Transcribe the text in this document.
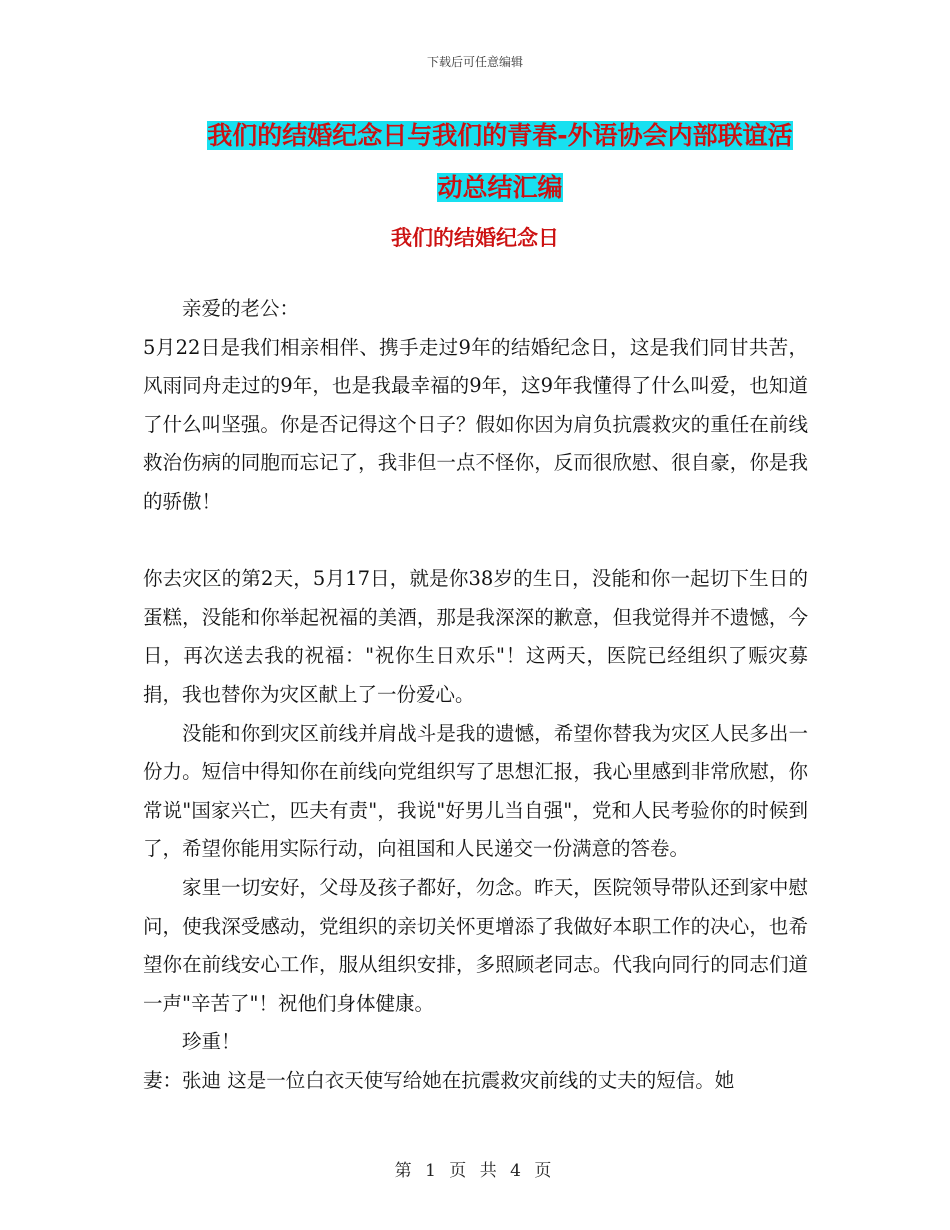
下载后可任意编辑
我们的结婚纪念日与我们的青春-外语协会内部联谊活
动总结汇编
我们的结婚纪念日

亲爱的老公：

5月22日是我们相亲相伴、携手走过9年的结婚纪念日，这是我们同甘共苦，风雨同舟走过的9年，也是我最幸福的9年，这9年我懂得了什么叫爱，也知道了什么叫坚强。你是否记得这个日子？假如你因为肩负抗震救灾的重任在前线救治伤病的同胞而忘记了，我非但一点不怪你，反而很欣慰、很自豪，你是我的骄傲！

你去灾区的第2天，5月17日，就是你38岁的生日，没能和你一起切下生日的蛋糕，没能和你举起祝福的美酒，那是我深深的歉意，但我觉得并不遗憾，今日，再次送去我的祝福："祝你生日欢乐"！这两天，医院已经组织了赈灾募捐，我也替你为灾区献上了一份爱心。

没能和你到灾区前线并肩战斗是我的遗憾，希望你替我为灾区人民多出一份力。短信中得知你在前线向党组织写了思想汇报，我心里感到非常欣慰，你常说"国家兴亡，匹夫有责"，我说"好男儿当自强"，党和人民考验你的时候到了，希望你能用实际行动，向祖国和人民递交一份满意的答卷。

家里一切安好，父母及孩子都好，勿念。昨天，医院领导带队还到家中慰问，使我深受感动，党组织的亲切关怀更增添了我做好本职工作的决心，也希望你在前线安心工作，服从组织安排，多照顾老同志。代我向同行的同志们道一声"辛苦了"！祝他们身体健康。

珍重！

妻：张迪 这是一位白衣天使写给她在抗震救灾前线的丈夫的短信。她

第 1 页 共 4 页
